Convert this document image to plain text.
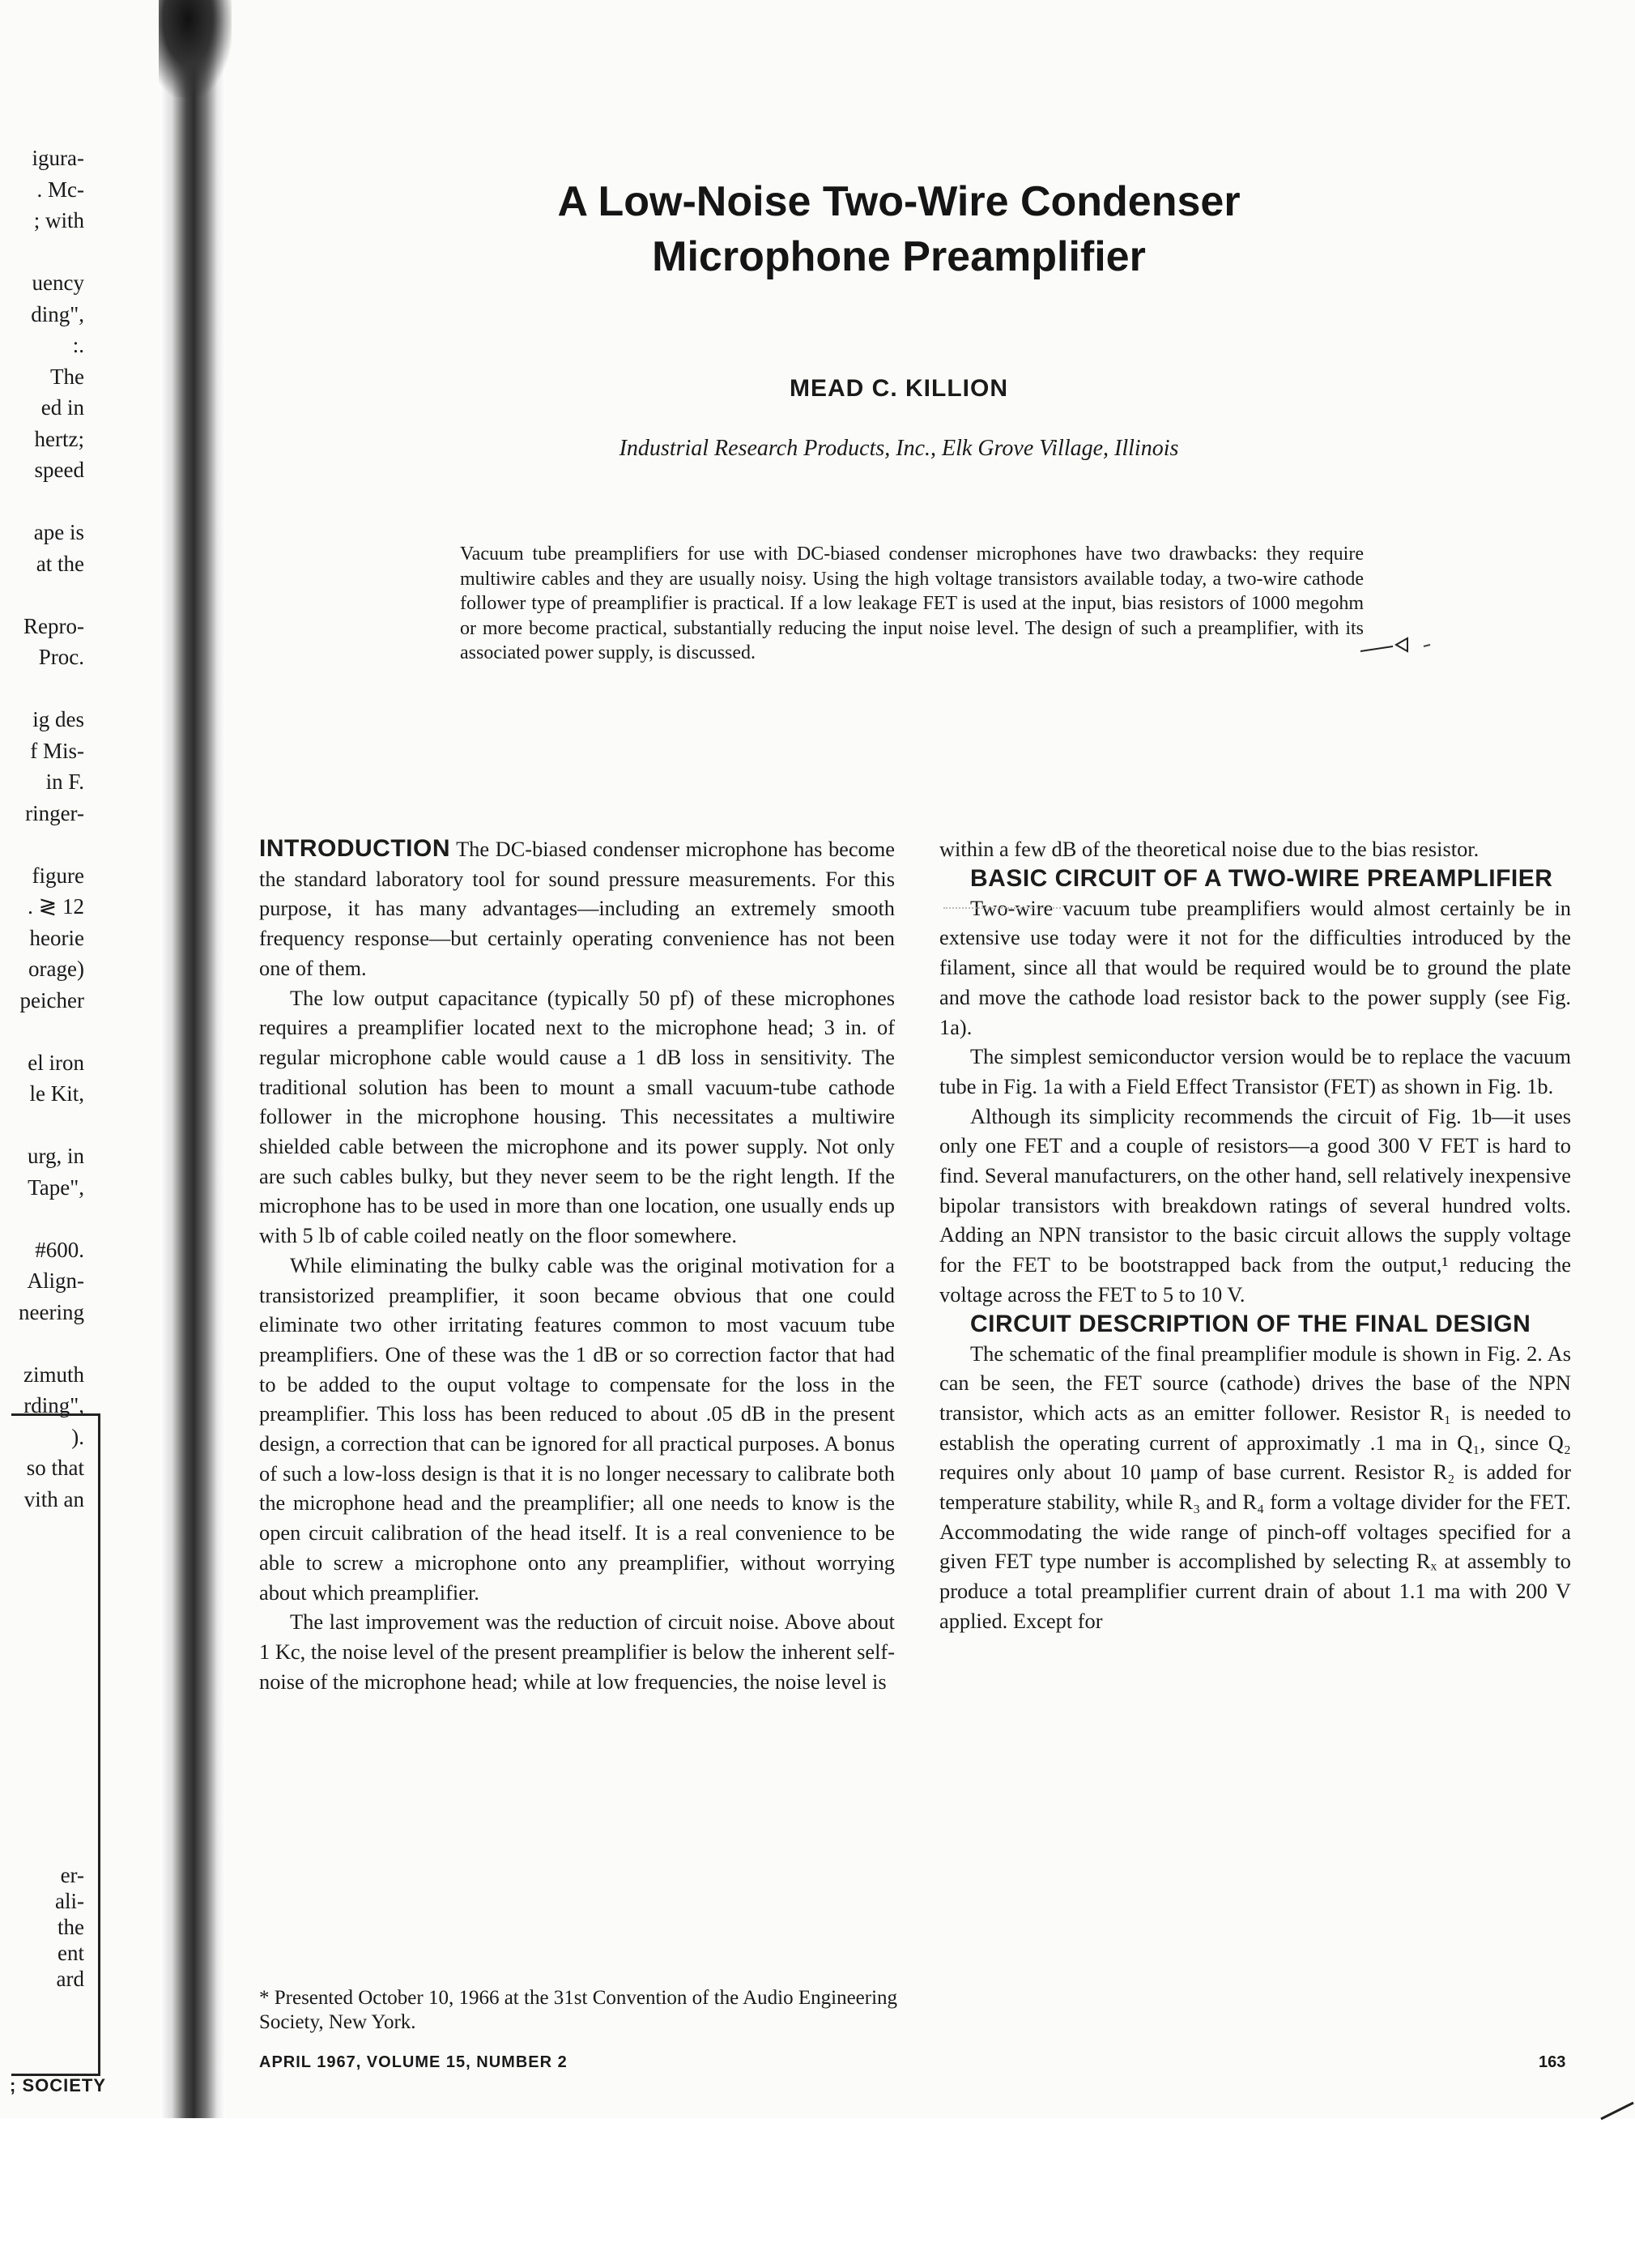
igura-
. Mc-
; with
uency
ding",
:.
The
ed in
hertz;
speed
ape is
at the
Repro-
Proc.
ig des
f Mis-
in F.
ringer-
figure
. ≷ 12
heorie
orage)
peicher
el iron
le Kit,
urg, in
Tape",
#600.
Align-
neering
zimuth
rding",
).
so that
vith an
er-
ali-
the
ent
ard
; SOCIETY
A Low-Noise Two-Wire Condenser
Microphone Preamplifier
MEAD C. KILLION
Industrial Research Products, Inc., Elk Grove Village, Illinois
Vacuum tube preamplifiers for use with DC-biased condenser microphones have two drawbacks: they require multiwire cables and they are usually noisy. Using the high voltage transistors available today, a two-wire cathode follower type of preamplifier is practical. If a low leakage FET is used at the input, bias resistors of 1000 megohm or more become practical, substantially reducing the input noise level. The design of such a preamplifier, with its associated power supply, is discussed.

INTRODUCTION The DC-biased condenser microphone has become the standard laboratory tool for sound pressure measurements. For this purpose, it has many advantages—including an extremely smooth frequency response—but certainly operating convenience has not been one of them.

The low output capacitance (typically 50 pf) of these microphones requires a preamplifier located next to the microphone head; 3 in. of regular microphone cable would cause a 1 dB loss in sensitivity. The traditional solution has been to mount a small vacuum-tube cathode follower in the microphone housing. This necessitates a multiwire shielded cable between the microphone and its power supply. Not only are such cables bulky, but they never seem to be the right length. If the microphone has to be used in more than one location, one usually ends up with 5 lb of cable coiled neatly on the floor somewhere.

While eliminating the bulky cable was the original motivation for a transistorized preamplifier, it soon became obvious that one could eliminate two other irritating features common to most vacuum tube preamplifiers. One of these was the 1 dB or so correction factor that had to be added to the ouput voltage to compensate for the loss in the preamplifier. This loss has been reduced to about .05 dB in the present design, a correction that can be ignored for all practical purposes. A bonus of such a low-loss design is that it is no longer necessary to calibrate both the microphone head and the preamplifier; all one needs to know is the open circuit calibration of the head itself. It is a real convenience to be able to screw a microphone onto any preamplifier, without worrying about which preamplifier.

The last improvement was the reduction of circuit noise. Above about 1 Kc, the noise level of the present preamplifier is below the inherent self-noise of the microphone head; while at low frequencies, the noise level is

within a few dB of the theoretical noise due to the bias resistor.

BASIC CIRCUIT OF A TWO-WIRE PREAMPLIFIER

Two-wire vacuum tube preamplifiers would almost certainly be in extensive use today were it not for the difficulties introduced by the filament, since all that would be required would be to ground the plate and move the cathode load resistor back to the power supply (see Fig. 1a).

The simplest semiconductor version would be to replace the vacuum tube in Fig. 1a with a Field Effect Transistor (FET) as shown in Fig. 1b.

Although its simplicity recommends the circuit of Fig. 1b—it uses only one FET and a couple of resistors—a good 300 V FET is hard to find. Several manufacturers, on the other hand, sell relatively inexpensive bipolar transistors with breakdown ratings of several hundred volts. Adding an NPN transistor to the basic circuit allows the supply voltage for the FET to be bootstrapped back from the output,¹ reducing the voltage across the FET to 5 to 10 V.

CIRCUIT DESCRIPTION OF THE FINAL DESIGN

The schematic of the final preamplifier module is shown in Fig. 2. As can be seen, the FET source (cathode) drives the base of the NPN transistor, which acts as an emitter follower. Resistor R₁ is needed to establish the operating current of approximatly .1 ma in Q₁, since Q₂ requires only about 10 μamp of base current. Resistor R₂ is added for temperature stability, while R₃ and R₄ form a voltage divider for the FET. Accommodating the wide range of pinch-off voltages specified for a given FET type number is accomplished by selecting Rₓ at assembly to produce a total preamplifier current drain of about 1.1 ma with 200 V applied. Except for

* Presented October 10, 1966 at the 31st Convention of the Audio Engineering Society, New York.
APRIL 1967, VOLUME 15, NUMBER 2	163
